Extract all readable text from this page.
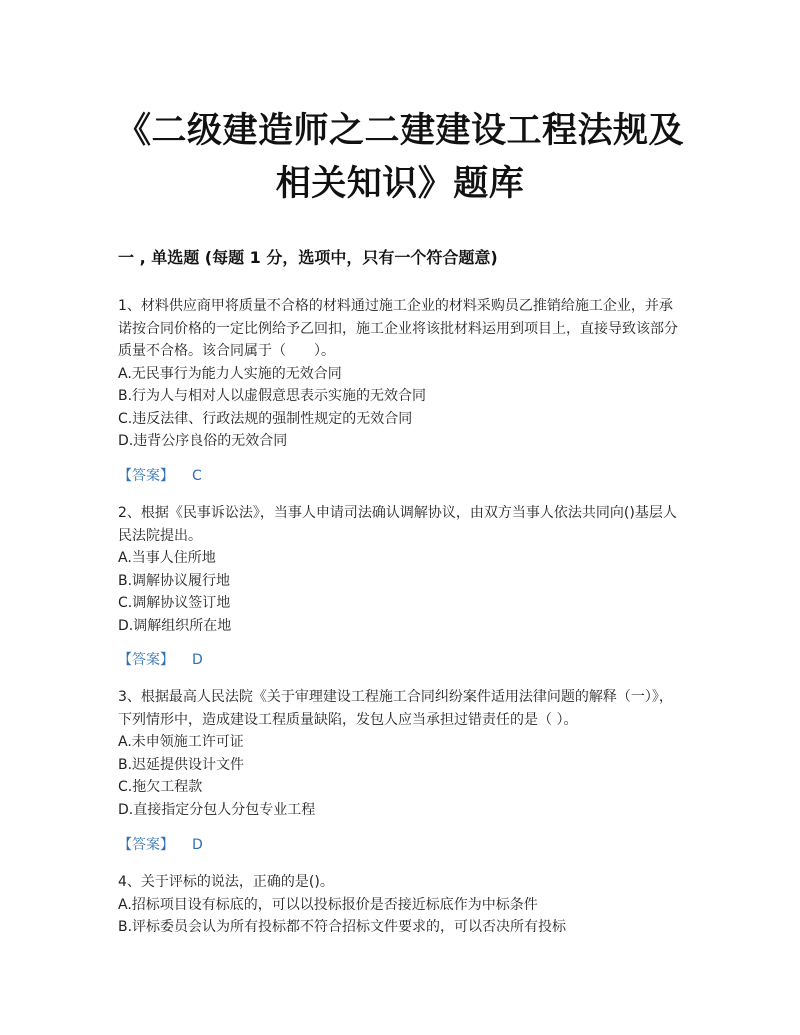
《二级建造师之二建建设工程法规及
相关知识》题库
一 , 单选题 (每题 1 分，选项中，只有一个符合题意)

1、材料供应商甲将质量不合格的材料通过施工企业的材料采购员乙推销给施工企业，并承诺按合同价格的一定比例给予乙回扣，施工企业将该批材料运用到项目上，直接导致该部分质量不合格。该合同属于（　　）。

A.无民事行为能力人实施的无效合同

B.行为人与相对人以虚假意思表示实施的无效合同

C.违反法律、行政法规的强制性规定的无效合同

D.违背公序良俗的无效合同

【答案】 C

2、根据《民事诉讼法》，当事人申请司法确认调解协议，由双方当事人依法共同向()基层人民法院提出。

A.当事人住所地

B.调解协议履行地

C.调解协议签订地

D.调解组织所在地

【答案】 D

3、根据最高人民法院《关于审理建设工程施工合同纠纷案件适用法律问题的解释（一）》，下列情形中，造成建设工程质量缺陷，发包人应当承担过错责任的是（ ）。

A.未申领施工许可证

B.迟延提供设计文件

C.拖欠工程款

D.直接指定分包人分包专业工程

【答案】 D

4、关于评标的说法，正确的是()。

A.招标项目设有标底的，可以以投标报价是否接近标底作为中标条件

B.评标委员会认为所有投标都不符合招标文件要求的，可以否决所有投标
